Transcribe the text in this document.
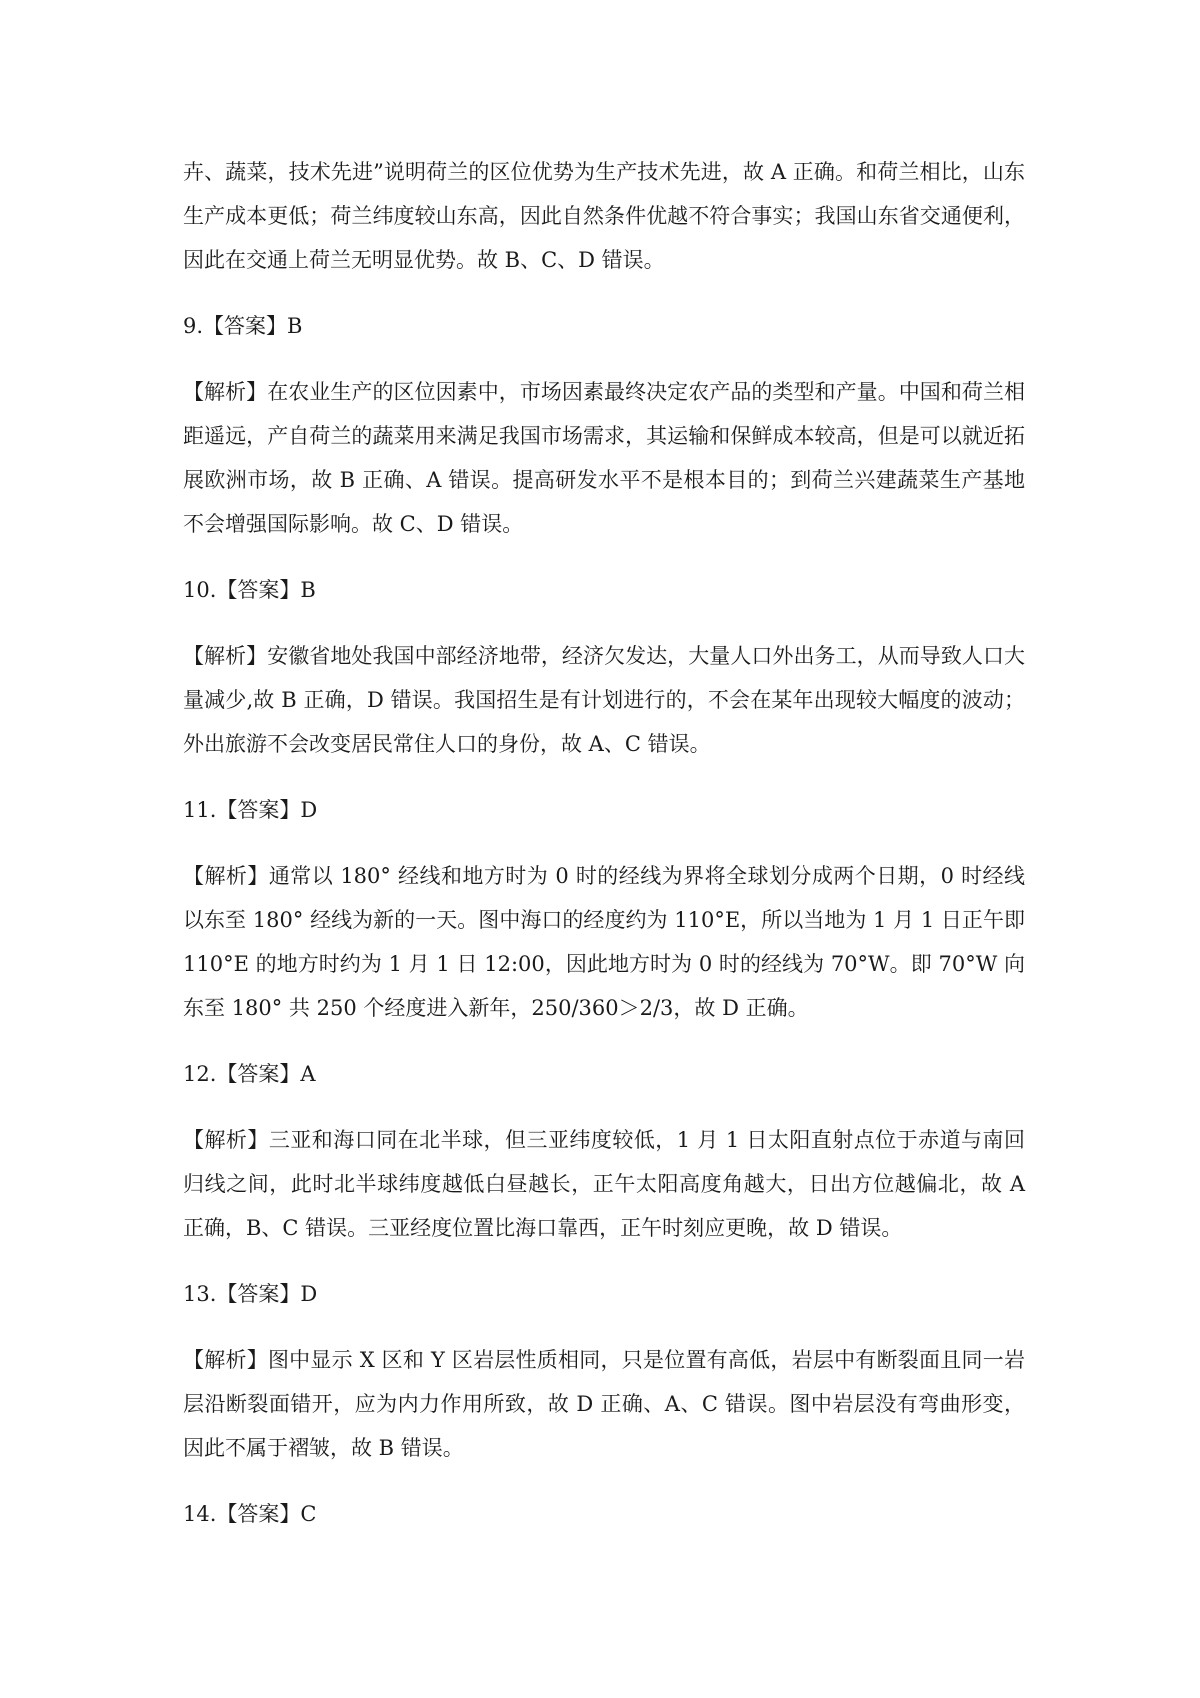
卉、蔬菜，技术先进”说明荷兰的区位优势为生产技术先进，故 A 正确。和荷兰相比，山东生产成本更低；荷兰纬度较山东高，因此自然条件优越不符合事实；我国山东省交通便利，因此在交通上荷兰无明显优势。故 B、C、D 错误。

9.【答案】B

【解析】在农业生产的区位因素中，市场因素最终决定农产品的类型和产量。中国和荷兰相距遥远，产自荷兰的蔬菜用来满足我国市场需求，其运输和保鲜成本较高，但是可以就近拓展欧洲市场，故 B 正确、A 错误。提高研发水平不是根本目的；到荷兰兴建蔬菜生产基地不会增强国际影响。故 C、D 错误。

10.【答案】B

【解析】安徽省地处我国中部经济地带，经济欠发达，大量人口外出务工，从而导致人口大量减少,故 B 正确，D 错误。我国招生是有计划进行的，不会在某年出现较大幅度的波动；外出旅游不会改变居民常住人口的身份，故 A、C 错误。

11.【答案】D

【解析】通常以 180° 经线和地方时为 0 时的经线为界将全球划分成两个日期，0 时经线以东至 180° 经线为新的一天。图中海口的经度约为 110°E，所以当地为 1 月 1 日正午即 110°E 的地方时约为 1 月 1 日 12:00，因此地方时为 0 时的经线为 70°W。即 70°W 向东至 180° 共 250 个经度进入新年，250/360＞2/3，故 D 正确。

12.【答案】A

【解析】三亚和海口同在北半球，但三亚纬度较低，1 月 1 日太阳直射点位于赤道与南回归线之间，此时北半球纬度越低白昼越长，正午太阳高度角越大，日出方位越偏北，故 A 正确，B、C 错误。三亚经度位置比海口靠西，正午时刻应更晚，故 D 错误。

13.【答案】D

【解析】图中显示 X 区和 Y 区岩层性质相同，只是位置有高低，岩层中有断裂面且同一岩层沿断裂面错开，应为内力作用所致，故 D 正确、A、C 错误。图中岩层没有弯曲形变，因此不属于褶皱，故 B 错误。

14.【答案】C
